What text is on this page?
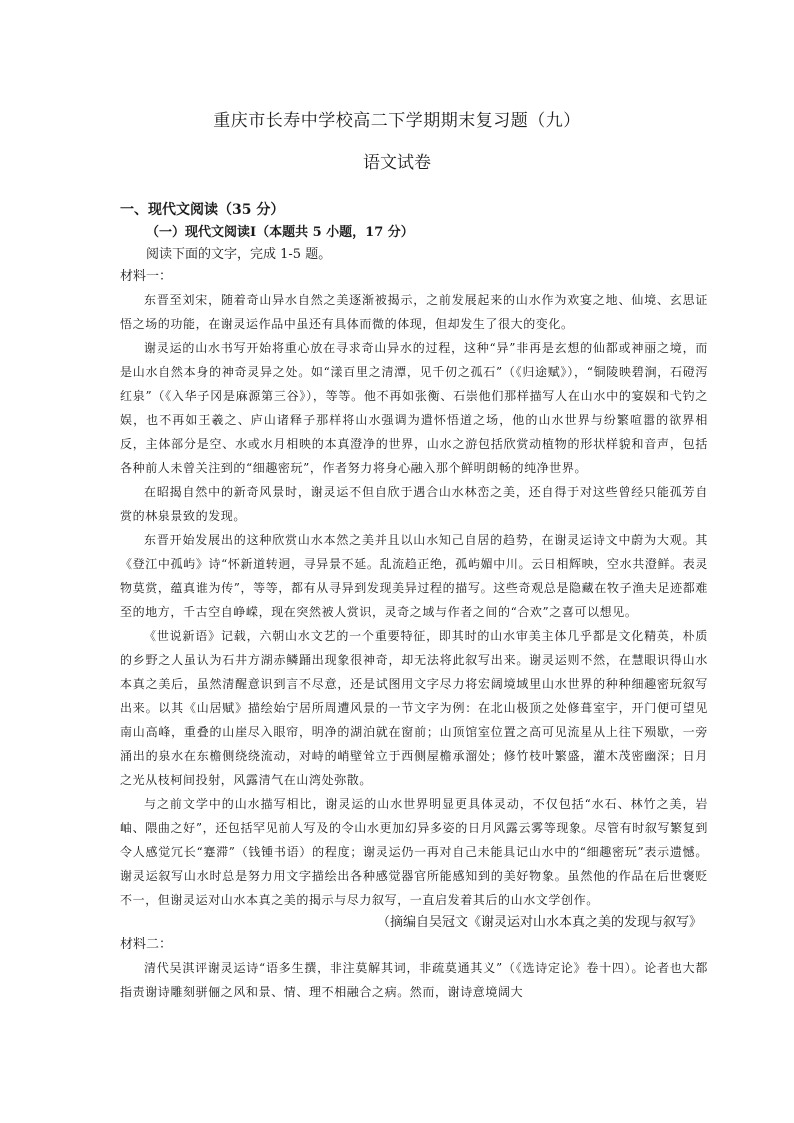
重庆市长寿中学校高二下学期期末复习题（九）
语文试卷
一、现代文阅读（35 分）
（一）现代文阅读Ⅰ（本题共 5 小题，17 分）
阅读下面的文字，完成 1-5 题。
材料一：

东晋至刘宋，随着奇山异水自然之美逐渐被揭示，之前发展起来的山水作为欢宴之地、仙境、玄思证悟之场的功能，在谢灵运作品中虽还有具体而微的体现，但却发生了很大的变化。

谢灵运的山水书写开始将重心放在寻求奇山异水的过程，这种“异”非再是玄想的仙都或神丽之境，而是山水自然本身的神奇灵异之处。如“漾百里之清潭，见千仞之孤石”（《归途赋》），“铜陵映碧涧，石磴泻红泉”（《入华子冈是麻源第三谷》），等等。他不再如张衡、石崇他们那样描写人在山水中的宴娱和弋钓之娱，也不再如王羲之、庐山诸释子那样将山水强调为遣怀悟道之场，他的山水世界与纷繁喧嚣的欲界相反，主体部分是空、水或水月相映的本真澄净的世界，山水之游包括欣赏动植物的形状样貌和音声，包括各种前人未曾关注到的“细趣密玩”，作者努力将身心融入那个鲜明朗畅的纯净世界。

在昭揭自然中的新奇风景时，谢灵运不但自欣于遇合山水林峦之美，还自得于对这些曾经只能孤芳自赏的林泉景致的发现。

东晋开始发展出的这种欣赏山水本然之美并且以山水知己自居的趋势，在谢灵运诗文中蔚为大观。其《登江中孤屿》诗“怀新道转迥，寻异景不延。乱流趋正绝，孤屿媚中川。云日相辉映，空水共澄鲜。表灵物莫赏，蕴真谁为传”，等等，都有从寻异到发现美异过程的描写。这些奇观总是隐藏在牧子渔夫足迹都难至的地方，千古空自峥嵘，现在突然被人赏识，灵奇之域与作者之间的“合欢”之喜可以想见。

《世说新语》记载，六朝山水文艺的一个重要特征，即其时的山水审美主体几乎都是文化精英，朴质的乡野之人虽认为石井方湖赤鳞踊出现象很神奇，却无法将此叙写出来。谢灵运则不然，在慧眼识得山水本真之美后，虽然清醒意识到言不尽意，还是试图用文字尽力将宏阔境域里山水世界的种种细趣密玩叙写出来。以其《山居赋》描绘始宁居所周遭风景的一节文字为例：在北山极顶之处修葺室宇，开门便可望见南山高峰，重叠的山崖尽入眼帘，明净的湖泊就在窗前；山顶馆室位置之高可见流星从上往下殒歇，一旁涌出的泉水在东檐侧绕绕流动，对峙的峭壁耸立于西侧屋檐承溜处；修竹枝叶繁盛，灌木茂密幽深；日月之光从枝柯间投射，风露清气在山湾处弥散。

与之前文学中的山水描写相比，谢灵运的山水世界明显更具体灵动，不仅包括“水石、林竹之美，岩岫、隈曲之好”，还包括罕见前人写及的令山水更加幻异多姿的日月风露云雾等现象。尽管有时叙写繁复到令人感觉冗长“蹇滞”（钱锺书语）的程度；谢灵运仍一再对自己未能具记山水中的“细趣密玩”表示遗憾。谢灵运叙写山水时总是努力用文字描绘出各种感觉器官所能感知到的美好物象。虽然他的作品在后世褒贬不一，但谢灵运对山水本真之美的揭示与尽力叙写，一直启发着其后的山水文学创作。

（摘编自吴冠文《谢灵运对山水本真之美的发现与叙写》
材料二：

清代吴淇评谢灵运诗“语多生撰，非注莫解其词，非疏莫通其义”（《选诗定论》卷十四）。论者也大都指责谢诗雕刻骈俪之风和景、情、理不相融合之病。然而，谢诗意境阔大
